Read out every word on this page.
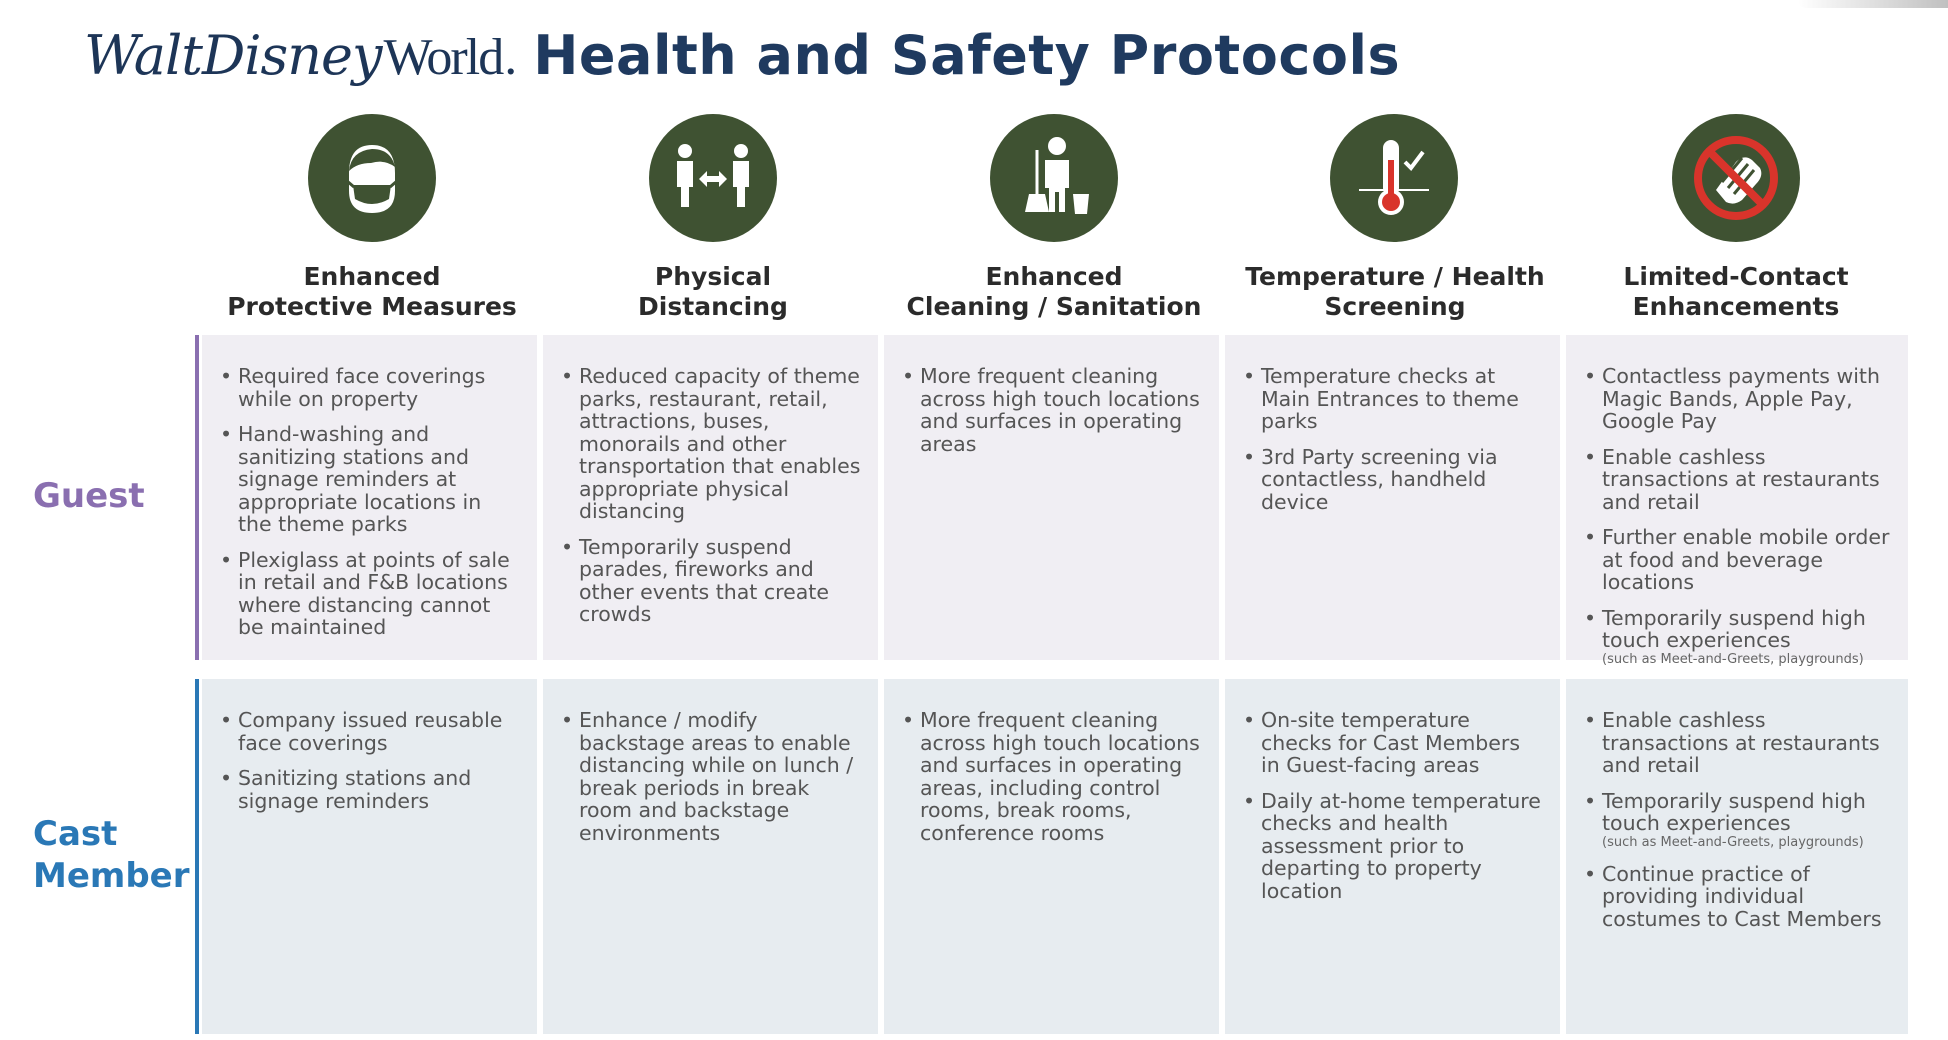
Walt Disney World . Health and Safety Protocols
Enhanced
Protective Measures
Physical
Distancing
Enhanced
Cleaning / Sanitation
Temperature / Health
Screening
Limited-Contact
Enhancements
Guest
• Required face coverings while on property
• Hand-washing and sanitizing stations and signage reminders at appropriate locations in the theme parks
• Plexiglass at points of sale in retail and F&B locations where distancing cannot be maintained
• Reduced capacity of theme parks, restaurant, retail, attractions, buses, monorails and other transportation that enables appropriate physical distancing
• Temporarily suspend parades, fireworks and other events that create crowds
• More frequent cleaning across high touch locations and surfaces in operating areas
• Temperature checks at Main Entrances to theme parks
• 3rd Party screening via contactless, handheld device
• Contactless payments with Magic Bands, Apple Pay, Google Pay
• Enable cashless transactions at restaurants and retail
• Further enable mobile order at food and beverage locations
• Temporarily suspend high touch experiences
(such as Meet-and-Greets, playgrounds)
Cast
Member
• Company issued reusable face coverings
• Sanitizing stations and signage reminders
• Enhance / modify backstage areas to enable distancing while on lunch / break periods in break room and backstage environments
• More frequent cleaning across high touch locations and surfaces in operating areas, including control rooms, break rooms, conference rooms
• On-site temperature checks for Cast Members in Guest-facing areas
• Daily at-home temperature checks and health assessment prior to departing to property location
• Enable cashless transactions at restaurants and retail
• Temporarily suspend high touch experiences
(such as Meet-and-Greets, playgrounds)
• Continue practice of providing individual costumes to Cast Members
